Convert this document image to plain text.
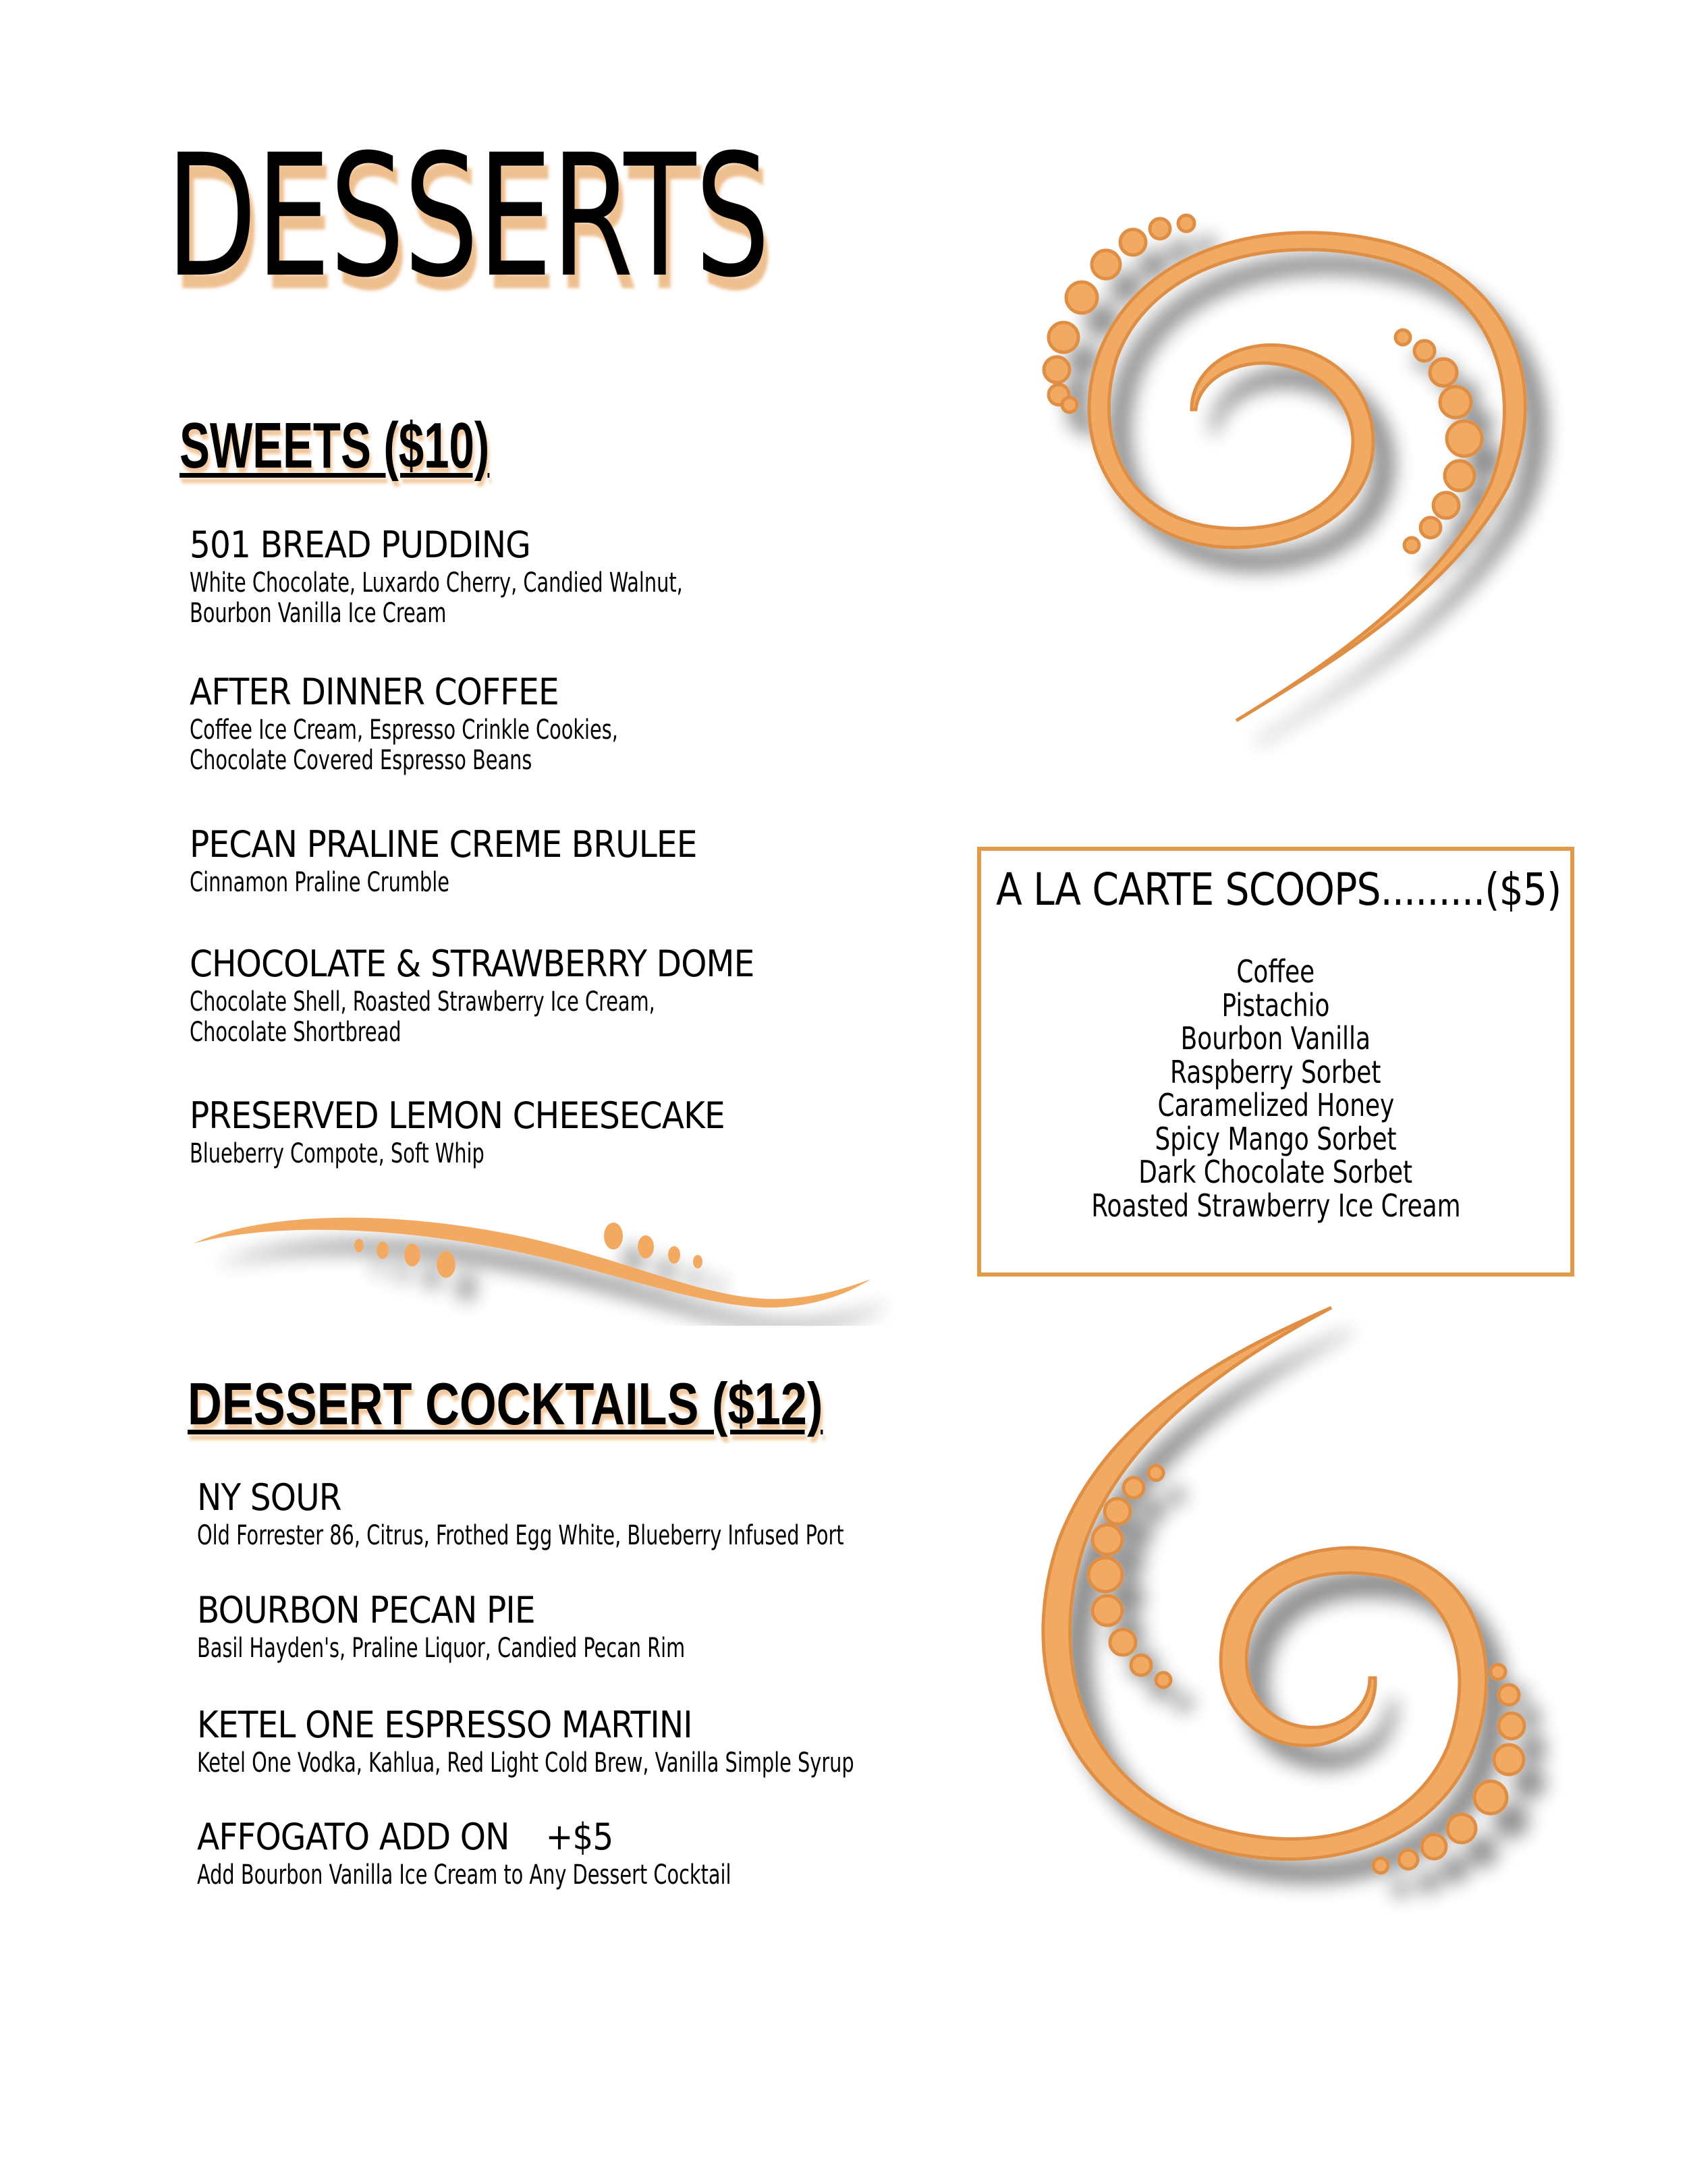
DESSERTS
SWEETS ($10)
501 BREAD PUDDING
White Chocolate, Luxardo Cherry, Candied Walnut,
Bourbon Vanilla Ice Cream
AFTER DINNER COFFEE
Coffee Ice Cream, Espresso Crinkle Cookies,
Chocolate Covered Espresso Beans
PECAN PRALINE CREME BRULEE
Cinnamon Praline Crumble
CHOCOLATE & STRAWBERRY DOME
Chocolate Shell, Roasted Strawberry Ice Cream,
Chocolate Shortbread
PRESERVED LEMON CHEESECAKE
Blueberry Compote, Soft Whip
A LA CARTE SCOOPS.........($5)
Coffee
Pistachio
Bourbon Vanilla
Raspberry Sorbet
Caramelized Honey
Spicy Mango Sorbet
Dark Chocolate Sorbet
Roasted Strawberry Ice Cream
DESSERT COCKTAILS ($12)
NY SOUR
Old Forrester 86, Citrus, Frothed Egg White, Blueberry Infused Port
BOURBON PECAN PIE
Basil Hayden's, Praline Liquor, Candied Pecan Rim
KETEL ONE ESPRESSO MARTINI
Ketel One Vodka, Kahlua, Red Light Cold Brew, Vanilla Simple Syrup
AFFOGATO ADD ON +$5
Add Bourbon Vanilla Ice Cream to Any Dessert Cocktail
